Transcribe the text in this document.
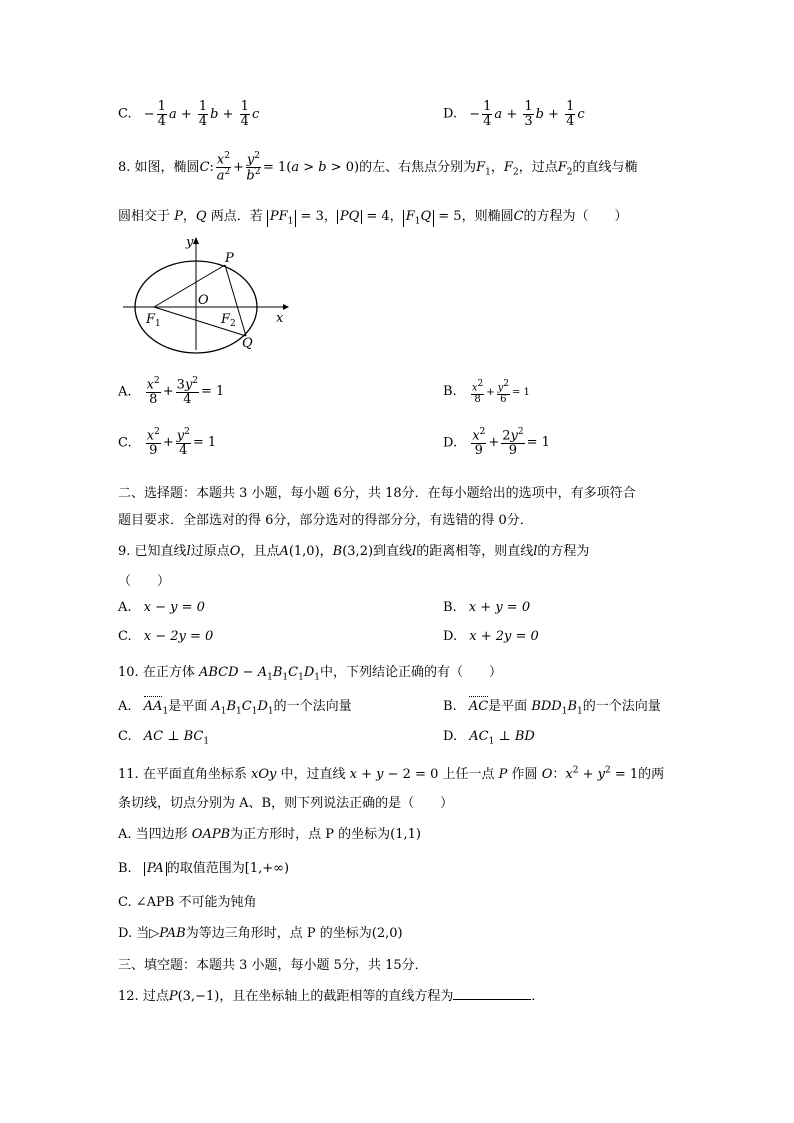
C. − $\frac{1}{4}$ $a + \frac{1}{4}$ $b + \frac{1}{4}$ c	D. − $\frac{1}{4}$ $a + \frac{1}{3}$ $b + \frac{1}{4}$ c
8. 如图，椭圆C: $\frac{x^2}{a^2} + \frac{y^2}{b^2} = 1(a > b > 0)$的左、右焦点分别为$F_1$，$F_2$，过点$F_2$的直线与椭
圆相交于 P，Q 两点．若 $PF_1 = 3$， PQ = 4， $F_1Q = 5$，则椭圆C的方程为（　　）
y
x
O
P
Q
$F_1$	$F_2$
A. $\frac{x^2}{8} + \frac{3y^2}{4} = 1$	B. $\frac{x^2}{8} + \frac{y^2}{6} = 1$
C. $\frac{x^2}{9} + \frac{y^2}{4} = 1$	D. $\frac{x^2}{9} + \frac{2y^2}{9} = 1$
二、选择题：本题共 3 小题，每小题 6分，共 18分．在每小题给出的选项中，有多项符合
题目要求．全部选对的得 6分，部分选对的得部分分，有选错的得 0分．
9. 已知直线l过原点O，且点A(1,0)，B(3,2)到直线l的距离相等，则直线l的方程为
（　　）
A. x − y = 0	B. x + y = 0
C. x − 2y = 0	D. x + 2y = 0
10. 在正方体 ABCD − $A_1B_1C_1D_1$中，下列结论正确的有（　　）
A. $AA_1$是平面 $A_1B_1C_1D_1$的一个法向量	B. AC是平面 $BDD_1B_1$的一个法向量
C. AC ⊥ $BC_1$	D. $AC_1$ ⊥ BD
11. 在平面直角坐标系 xOy 中，过直线 x + y − 2 = 0 上任一点 P 作圆 O：$x^2 + y^2 = 1$的两
条切线，切点分别为 A、B，则下列说法正确的是（　　）
A. 当四边形 OAPB为正方形时，点 P 的坐标为(1,1)
B. PA 的取值范围为[1,+∞)
C. ∠APB 不可能为钝角
D. 当▷PAB为等边三角形时，点 P 的坐标为(2,0)
三、填空题：本题共 3 小题，每小题 5分，共 15分．
12. 过点P(3,−1)，且在坐标轴上的截距相等的直线方程为	．
